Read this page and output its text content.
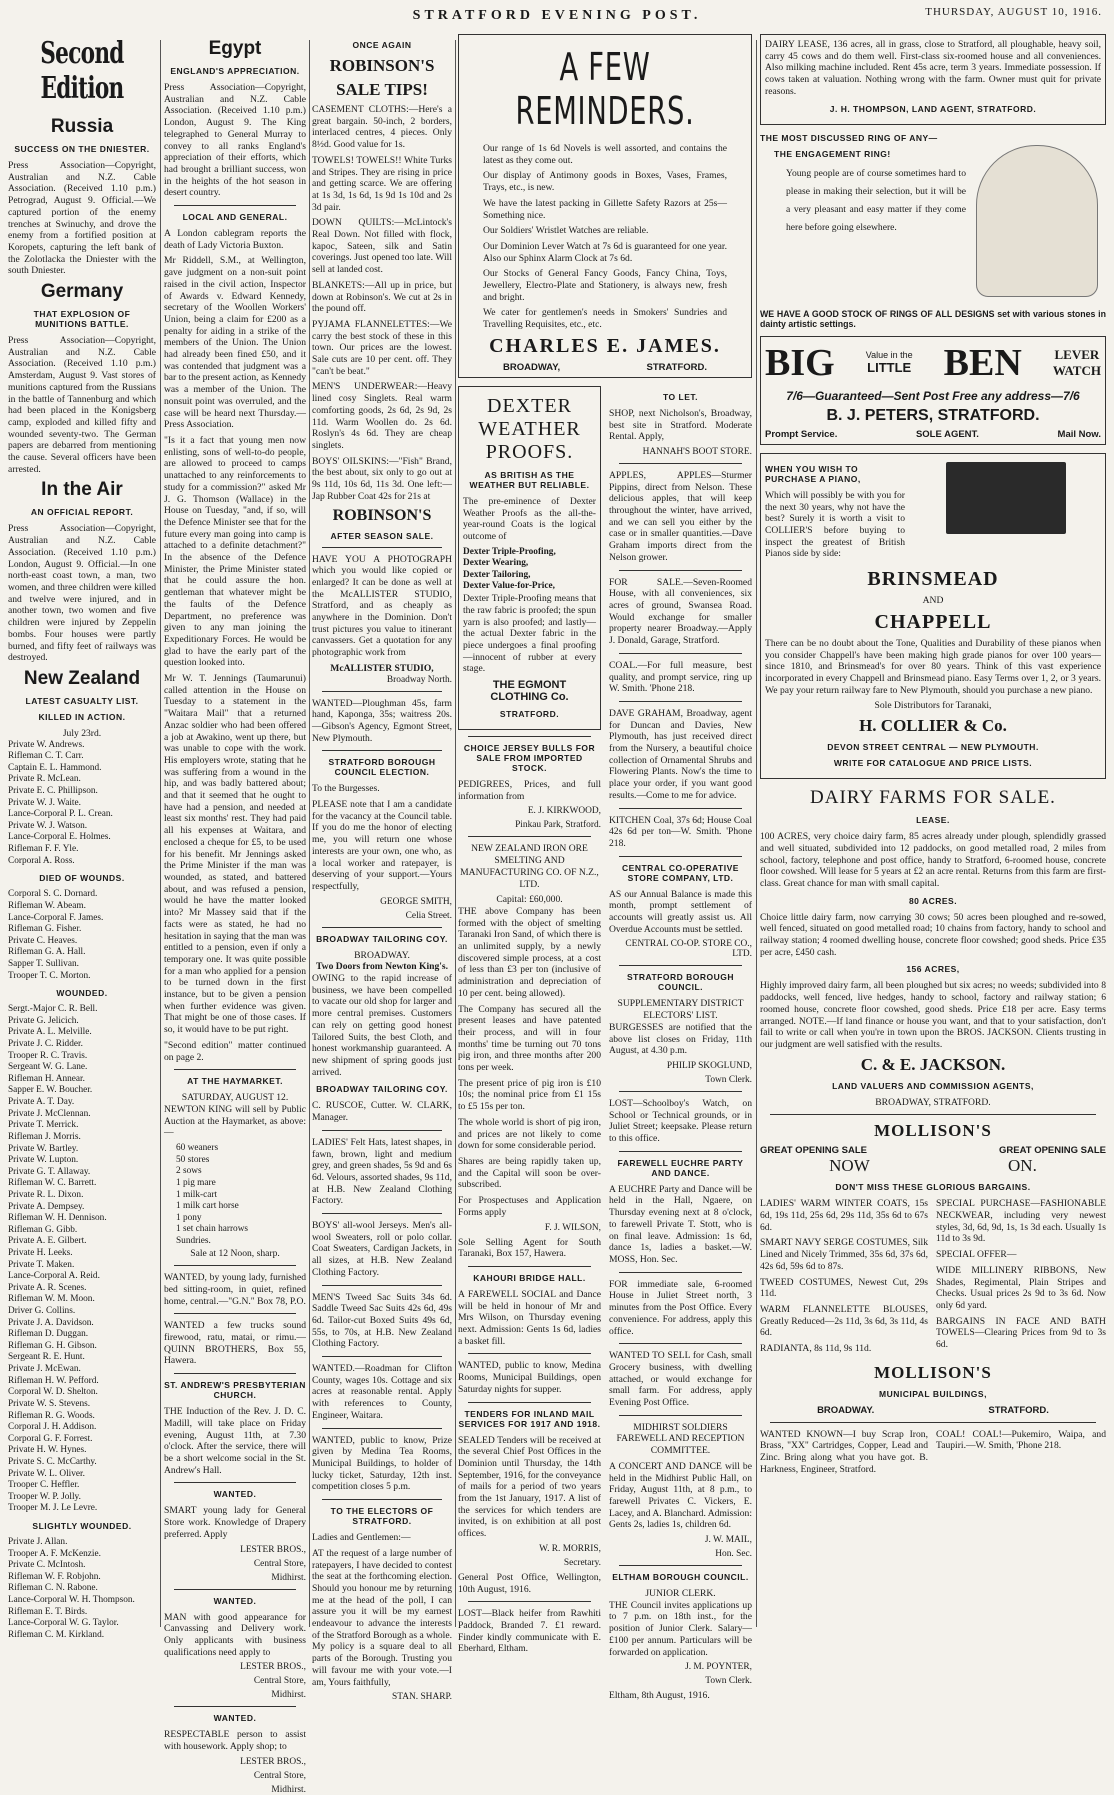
STRATFORD EVENING POST.	THURSDAY, AUGUST 10, 1916.
Second Edition
Russia
SUCCESS ON THE DNIESTER.

Press Association—Copyright, Australian and N.Z. Cable Association. (Received 1.10 p.m.) Petrograd, August 9. Official.—We captured portion of the enemy trenches at Swinuchy, and drove the enemy from a fortified position at Koropets, capturing the left bank of the Zolotlacka the Dniester with the south Dniester.

Germany
THAT EXPLOSION OF MUNITIONS BATTLE.

Press Association—Copyright, Australian and N.Z. Cable Association. (Received 1.10 p.m.) Amsterdam, August 9. Vast stores of munitions captured from the Russians in the battle of Tannenburg and which had been placed in the Konigsberg camp, exploded and killed fifty and wounded seventy-two. The German papers are debarred from mentioning the cause. Several officers have been arrested.

In the Air
AN OFFICIAL REPORT.

Press Association—Copyright, Australian and N.Z. Cable Association. (Received 1.10 p.m.) London, August 9. Official.—In one north-east coast town, a man, two women, and three children were killed and twelve were injured, and in another town, two women and five children were injured by Zeppelin bombs. Four houses were partly burned, and fifty feet of railways was destroyed.

New Zealand
LATEST CASUALTY LIST.
KILLED IN ACTION.
July 23rd.
Private W. Andrews.
Rifleman C. T. Carr.
Captain E. L. Hammond.
Private R. McLean.
Private E. C. Phillipson.
Private W. J. Waite.
Lance-Corporal P. L. Crean.
Private W. J. Watson.
Lance-Corporal E. Holmes.
Rifleman F. F. Yle.
Corporal A. Ross.
DIED OF WOUNDS.
Corporal S. C. Dornard.
Rifleman W. Abeam.
Lance-Corporal F. James.
Rifleman G. Fisher.
Private C. Heaves.
Rifleman G. A. Hall.
Sapper T. Sullivan.
Trooper T. C. Morton.
WOUNDED.
Sergt.-Major C. R. Bell.
Private G. Jelicich.
Private A. L. Melville.
Private J. C. Ridder.
Trooper R. C. Travis.
Sergeant W. G. Lane.
Rifleman H. Annear.
Sapper E. W. Boucher.
Private A. T. Day.
Private J. McClennan.
Private T. Merrick.
Rifleman J. Morris.
Private W. Bartley.
Private W. Lupton.
Private G. T. Allaway.
Rifleman W. C. Barrett.
Private R. L. Dixon.
Private A. Dempsey.
Rifleman W. H. Dennison.
Rifleman G. Gibb.
Private A. E. Gilbert.
Private H. Leeks.
Private T. Maken.
Lance-Corporal A. Reid.
Private A. R. Scenes.
Rifleman W. M. Moon.
Driver G. Collins.
Private J. A. Davidson.
Rifleman D. Duggan.
Rifleman G. H. Gibson.
Sergeant R. E. Hunt.
Private J. McEwan.
Rifleman H. W. Pefford.
Corporal W. D. Shelton.
Private W. S. Stevens.
Rifleman R. G. Woods.
Corporal J. H. Addison.
Corporal G. F. Forrest.
Private H. W. Hynes.
Private S. C. McCarthy.
Private W. L. Oliver.
Trooper C. Heffler.
Trooper W. P. Jolly.
Trooper M. J. Le Levre.
SLIGHTLY WOUNDED.
Private J. Allan.
Trooper A. F. McKenzie.
Private C. McIntosh.
Rifleman W. F. Robjohn.
Rifleman C. N. Rabone.
Lance-Corporal W. H. Thompson.
Rifleman E. T. Birds.
Lance-Corporal W. G. Taylor.
Rifleman C. M. Kirkland.
Egypt
ENGLAND'S APPRECIATION.

Press Association—Copyright, Australian and N.Z. Cable Association. (Received 1.10 p.m.) London, August 9. The King telegraphed to General Murray to convey to all ranks England's appreciation of their efforts, which had brought a brilliant success, won in the heights of the hot season in desert country.

LOCAL AND GENERAL.

A London cablegram reports the death of Lady Victoria Buxton.

Mr Riddell, S.M., at Wellington, gave judgment on a non-suit point raised in the civil action, Inspector of Awards v. Edward Kennedy, secretary of the Woollen Workers' Union, being a claim for £200 as a penalty for aiding in a strike of the members of the Union. The Union had already been fined £50, and it was contended that judgment was a bar to the present action, as Kennedy was a member of the Union. The nonsuit point was overruled, and the case will be heard next Thursday.—Press Association.

"Is it a fact that young men now enlisting, sons of well-to-do people, are allowed to proceed to camps unattached to any reinforcements to study for a commission?" asked Mr J. G. Thomson (Wallace) in the House on Tuesday, "and, if so, will the Defence Minister see that for the future every man going into camp is attached to a definite detachment?" In the absence of the Defence Minister, the Prime Minister stated that he could assure the hon. gentleman that whatever might be the faults of the Defence Department, no preference was given to any man joining the Expeditionary Forces. He would be glad to have the early part of the question looked into.

Mr W. T. Jennings (Taumarunui) called attention in the House on Tuesday to a statement in the "Waitara Mail" that a returned Anzac soldier who had been offered a job at Awakino, went up there, but was unable to cope with the work. His employers wrote, stating that he was suffering from a wound in the hip, and was badly battered about; and that it seemed that he ought to have had a pension, and needed at least six months' rest. They had paid all his expenses at Waitara, and enclosed a cheque for £5, to be used for his benefit. Mr Jennings asked the Prime Minister if the man was wounded, as stated, and battered about, and was refused a pension, would he have the matter looked into? Mr Massey said that if the facts were as stated, he had no hesitation in saying that the man was entitled to a pension, even if only a temporary one. It was quite possible for a man who applied for a pension to be turned down in the first instance, but to be given a pension when further evidence was given. That might be one of those cases. If so, it would have to be put right.

"Second edition" matter continued on page 2.

AT THE HAYMARKET.
SATURDAY, AUGUST 12.

NEWTON KING will sell by Public Auction at the Haymarket, as above:—

60 weaners
50 stores
2 sows
1 pig mare
1 milk-cart
1 milk cart horse
1 pony
1 set chain harrows
Sundries.
Sale at 12 Noon, sharp.

WANTED, by young lady, furnished bed sitting-room, in quiet, refined home, central.—"G.N." Box 78, P.O.

WANTED a few trucks sound firewood, ratu, matai, or rimu.—QUINN BROTHERS, Box 55, Hawera.

ST. ANDREW'S PRESBYTERIAN CHURCH.

THE Induction of the Rev. J. D. C. Madill, will take place on Friday evening, August 11th, at 7.30 o'clock. After the service, there will be a short welcome social in the St. Andrew's Hall.

WANTED.

SMART young lady for General Store work. Knowledge of Drapery preferred. Apply

LESTER BROS.,
Central Store,
Midhirst.
WANTED.

MAN with good appearance for Canvassing and Delivery work. Only applicants with business qualifications need apply to

LESTER BROS.,
Central Store,
Midhirst.
WANTED.

RESPECTABLE person to assist with housework. Apply shop; to

LESTER BROS.,
Central Store,
Midhirst.
ONCE AGAIN
ROBINSON'S
SALE TIPS!

CASEMENT CLOTHS:—Here's a great bargain. 50-inch, 2 borders, interlaced centres, 4 pieces. Only 8½d. Good value for 1s.

TOWELS! TOWELS!! White Turks and Stripes. They are rising in price and getting scarce. We are offering at 1s 3d, 1s 6d, 1s 9d 1s 10d and 2s 3d pair.

DOWN QUILTS:—McLintock's Real Down. Not filled with flock, kapoc, Sateen, silk and Satin coverings. Just opened too late. Will sell at landed cost.

BLANKETS:—All up in price, but down at Robinson's. We cut at 2s in the pound off.

PYJAMA FLANNELETTES:—We carry the best stock of these in this town. Our prices are the lowest. Sale cuts are 10 per cent. off. They "can't be beat."

MEN'S UNDERWEAR:—Heavy lined cosy Singlets. Real warm comforting goods, 2s 6d, 2s 9d, 2s 11d. Warm Woollen do. 2s 6d. Roslyn's 4s 6d. They are cheap singlets.

BOYS' OILSKINS:—"Fish" Brand, the best about, six only to go out at 9s 11d, 10s 6d, 11s 3d. One left:—Jap Rubber Coat 42s for 21s at

ROBINSON'S
AFTER SEASON SALE.

HAVE YOU A PHOTOGRAPH which you would like copied or enlarged? It can be done as well at the McALLISTER STUDIO, Stratford, and as cheaply as anywhere in the Dominion. Don't trust pictures you value to itinerant canvassers. Get a quotation for any photographic work from

McALLISTER STUDIO,
Broadway North.

WANTED—Ploughman 45s, farm hand, Kaponga, 35s; waitress 20s.—Gibson's Agency, Egmont Street, New Plymouth.

STRATFORD BOROUGH COUNCIL ELECTION.

To the Burgesses.

PLEASE note that I am a candidate for the vacancy at the Council table. If you do me the honor of electing me, you will return one whose interests are your own, one who, as a local worker and ratepayer, is deserving of your support.—Yours respectfully,

GEORGE SMITH,
Celia Street.
BROADWAY TAILORING COY.
BROADWAY.
Two Doors from Newton King's.

OWING to the rapid increase of business, we have been compelled to vacate our old shop for larger and more central premises. Customers can rely on getting good honest Tailored Suits, the best Cloth, and honest workmanship guaranteed. A new shipment of spring goods just arrived.

BROADWAY TAILORING COY.

C. RUSCOE, Cutter. W. CLARK, Manager.

LADIES' Felt Hats, latest shapes, in fawn, brown, light and medium grey, and green shades, 5s 9d and 6s 6d. Velours, assorted shades, 9s 11d, at H.B. New Zealand Clothing Factory.

BOYS' all-wool Jerseys. Men's all-wool Sweaters, roll or polo collar. Coat Sweaters, Cardigan Jackets, in all sizes, at H.B. New Zealand Clothing Factory.

MEN'S Tweed Sac Suits 34s 6d. Saddle Tweed Sac Suits 42s 6d, 49s 6d. Tailor-cut Boxed Suits 49s 6d, 55s, to 70s, at H.B. New Zealand Clothing Factory.

WANTED.—Roadman for Clifton County, wages 10s. Cottage and six acres at reasonable rental. Apply with references to County, Engineer, Waitara.

WANTED, public to know, Prize given by Medina Tea Rooms, Municipal Buildings, to holder of lucky ticket, Saturday, 12th inst. competition closes 5 p.m.

TO THE ELECTORS OF STRATFORD.

Ladies and Gentlemen:—

AT the request of a large number of ratepayers, I have decided to contest the seat at the forthcoming election. Should you honour me by returning me at the head of the poll, I can assure you it will be my earnest endeavour to advance the interests of the Stratford Borough as a whole. My policy is a square deal to all parts of the Borough. Trusting you will favour me with your vote.—I am, Yours faithfully,

STAN. SHARP.
A FEW REMINDERS.

Our range of 1s 6d Novels is well assorted, and contains the latest as they come out.

Our display of Antimony goods in Boxes, Vases, Frames, Trays, etc., is new.

We have the latest packing in Gillette Safety Razors at 25s—Something nice.

Our Soldiers' Wristlet Watches are reliable.

Our Dominion Lever Watch at 7s 6d is guaranteed for one year. Also our Sphinx Alarm Clock at 7s 6d.

Our Stocks of General Fancy Goods, Fancy China, Toys, Jewellery, Electro-Plate and Stationery, is always new, fresh and bright.

We cater for gentlemen's needs in Smokers' Sundries and Travelling Requisites, etc., etc.

CHARLES E. JAMES.
BROADWAY,	STRATFORD.
DEXTER WEATHER PROOFS.
AS BRITISH AS THE WEATHER BUT RELIABLE.

The pre-eminence of Dexter Weather Proofs as the all-the-year-round Coats is the logical outcome of

Dexter Triple-Proofing,
Dexter Wearing,
Dexter Tailoring,
Dexter Value-for-Price,

Dexter Triple-Proofing means that the raw fabric is proofed; the spun yarn is also proofed; and lastly—the actual Dexter fabric in the piece undergoes a final proofing—innocent of rubber at every stage.

THE EGMONT CLOTHING Co.
STRATFORD.
CHOICE JERSEY BULLS FOR SALE FROM IMPORTED STOCK.

PEDIGREES, Prices, and full information from

E. J. KIRKWOOD,
Pinkau Park, Stratford.

NEW ZEALAND IRON ORE SMELTING AND MANUFACTURING CO. OF N.Z., LTD.

Capital: £60,000.

THE above Company has been formed with the object of smelting Taranaki Iron Sand, of which there is an unlimited supply, by a newly discovered simple process, at a cost of less than £3 per ton (inclusive of administration and depreciation of 10 per cent. being allowed).

The Company has secured all the present leases and have patented their process, and will in four months' time be turning out 70 tons pig iron, and three months after 200 tons per week.

The present price of pig iron is £10 10s; the nominal price from £1 15s to £5 15s per ton.

The whole world is short of pig iron, and prices are not likely to come down for some considerable period.

Shares are being rapidly taken up, and the Capital will soon be over-subscribed.

For Prospectuses and Application Forms apply

F. J. WILSON,

Sole Selling Agent for South Taranaki, Box 157, Hawera.

KAHOURI BRIDGE HALL.

A FAREWELL SOCIAL and Dance will be held in honour of Mr and Mrs Wilson, on Thursday evening next. Admission: Gents 1s 6d, ladies a basket fill.

WANTED, public to know, Medina Rooms, Municipal Buildings, open Saturday nights for supper.

TENDERS FOR INLAND MAIL SERVICES FOR 1917 AND 1918.

SEALED Tenders will be received at the several Chief Post Offices in the Dominion until Thursday, the 14th September, 1916, for the conveyance of mails for a period of two years from the 1st January, 1917. A list of the services for which tenders are invited, is on exhibition at all post offices.

W. R. MORRIS,
Secretary.

General Post Office, Wellington, 10th August, 1916.

LOST—Black heifer from Rawhiti Paddock, Branded 7. £1 reward. Finder kindly communicate with E. Eberhard, Eltham.

TO LET.

SHOP, next Nicholson's, Broadway, best site in Stratford. Moderate Rental. Apply,

HANNAH'S BOOT STORE.

APPLES, APPLES—Sturmer Pippins, direct from Nelson. These delicious apples, that will keep throughout the winter, have arrived, and we can sell you either by the case or in smaller quantities.—Dave Graham imports direct from the Nelson grower.

FOR SALE.—Seven-Roomed House, with all conveniences, six acres of ground, Swansea Road. Would exchange for smaller property nearer Broadway.—Apply J. Donald, Garage, Stratford.

COAL.—For full measure, best quality, and prompt service, ring up W. Smith. 'Phone 218.

DAVE GRAHAM, Broadway, agent for Duncan and Davies, New Plymouth, has just received direct from the Nursery, a beautiful choice collection of Ornamental Shrubs and Flowering Plants. Now's the time to place your order, if you want good results.—Come to me for advice.

KITCHEN Coal, 37s 6d; House Coal 42s 6d per ton—W. Smith. 'Phone 218.

CENTRAL CO-OPERATIVE STORE COMPANY, LTD.

AS our Annual Balance is made this month, prompt settlement of accounts will greatly assist us. All Overdue Accounts must be settled.

CENTRAL CO-OP. STORE CO., LTD.
STRATFORD BOROUGH COUNCIL.
SUPPLEMENTARY DISTRICT ELECTORS' LIST.

BURGESSES are notified that the above list closes on Friday, 11th August, at 4.30 p.m.

PHILIP SKOGLUND,
Town Clerk.

LOST—Schoolboy's Watch, on School or Technical grounds, or in Juliet Street; keepsake. Please return to this office.

FAREWELL EUCHRE PARTY AND DANCE.

A EUCHRE Party and Dance will be held in the Hall, Ngaere, on Thursday evening next at 8 o'clock, to farewell Private T. Stott, who is on final leave. Admission: 1s 6d, dance 1s, ladies a basket.—W. MOSS, Hon. Sec.

FOR immediate sale, 6-roomed House in Juliet Street north, 3 minutes from the Post Office. Every convenience. For address, apply this office.

WANTED TO SELL for Cash, small Grocery business, with dwelling attached, or would exchange for small farm. For address, apply Evening Post Office.

MIDHIRST SOLDIERS FAREWELL AND RECEPTION COMMITTEE.

A CONCERT AND DANCE will be held in the Midhirst Public Hall, on Friday, August 11th, at 8 p.m., to farewell Privates C. Vickers, E. Lacey, and A. Blanchard. Admission: Gents 2s, ladies 1s, children 6d.

J. W. MAIL,
Hon. Sec.
ELTHAM BOROUGH COUNCIL.
JUNIOR CLERK.

THE Council invites applications up to 7 p.m. on 18th inst., for the position of Junior Clerk. Salary—£100 per annum. Particulars will be forwarded on application.

J. M. POYNTER,
Town Clerk.

Eltham, 8th August, 1916.

DAIRY LEASE, 136 acres, all in grass, close to Stratford, all ploughable, heavy soil, carry 45 cows and do them well. First-class six-roomed house and all conveniences. Also milking machine included. Rent 45s acre, term 3 years. Immediate possession. If cows taken at valuation. Nothing wrong with the farm. Owner must quit for private reasons.

J. H. THOMPSON, LAND AGENT, STRATFORD.
THE MOST DISCUSSED RING OF ANY—
THE ENGAGEMENT RING!

Young people are of course sometimes hard to please in making their selection, but it will be a very pleasant and easy matter if they come here before going elsewhere.

WE HAVE A GOOD STOCK OF RINGS OF ALL DESIGNS set with various stones in dainty artistic settings.

BIG	Value in the
LITTLE BEN	LEVER
WATCH
7/6—Guaranteed—Sent Post Free any address—7/6
B. J. PETERS, STRATFORD.
Prompt Service.	SOLE AGENT.	Mail Now.
WHEN YOU WISH TO PURCHASE A PIANO,

Which will possibly be with you for the next 30 years, why not have the best? Surely it is worth a visit to COLLIER'S before buying to inspect the greatest of British Pianos side by side:

BRINSMEAD
AND
CHAPPELL

There can be no doubt about the Tone, Qualities and Durability of these pianos when you consider Chappell's have been making high grade pianos for over 100 years—since 1810, and Brinsmead's for over 80 years. Think of this vast experience incorporated in every Chappell and Brinsmead piano. Easy Terms over 1, 2, or 3 years. We pay your return railway fare to New Plymouth, should you purchase a new piano.

Sole Distributors for Taranaki,
H. COLLIER & Co.
DEVON STREET CENTRAL — NEW PLYMOUTH.
WRITE FOR CATALOGUE AND PRICE LISTS.
DAIRY FARMS FOR SALE.
LEASE.

100 ACRES, very choice dairy farm, 85 acres already under plough, splendidly grassed and well situated, subdivided into 12 paddocks, on good metalled road, 2 miles from school, factory, telephone and post office, handy to Stratford, 6-roomed house, concrete floor cowshed. Will lease for 5 years at £2 an acre rental. Returns from this farm are first-class. Great chance for man with small capital.

80 ACRES.

Choice little dairy farm, now carrying 30 cows; 50 acres been ploughed and re-sowed, well fenced, situated on good metalled road; 10 chains from factory, handy to school and railway station; 4 roomed dwelling house, concrete floor cowshed; good sheds. Price £35 per acre, £450 cash.

156 ACRES,

Highly improved dairy farm, all been ploughed but six acres; no weeds; subdivided into 8 paddocks, well fenced, live hedges, handy to school, factory and railway station; 6 roomed house, concrete floor cowshed, good sheds. Price £18 per acre. Easy terms arranged. NOTE.—If land finance or house you want, and that to your satisfaction, don't fail to write or call when you're in town upon the BROS. JACKSON. Clients trusting in our judgment are well satisfied with the results.

C. & E. JACKSON.
LAND VALUERS AND COMMISSION AGENTS,
BROADWAY, STRATFORD.
MOLLISON'S
GREAT OPENING SALE	GREAT OPENING SALE
NOW	ON.
DON'T MISS THESE GLORIOUS BARGAINS.

LADIES' WARM WINTER COATS, 15s 6d, 19s 11d, 25s 6d, 29s 11d, 35s 6d to 67s 6d.

SMART NAVY SERGE COSTUMES, Silk Lined and Nicely Trimmed, 35s 6d, 37s 6d, 42s 6d, 59s 6d to 87s.

TWEED COSTUMES, Newest Cut, 29s 11d.

WARM FLANNELETTE BLOUSES, Greatly Reduced—2s 11d, 3s 6d, 3s 11d, 4s 6d.

RADIANTA, 8s 11d, 9s 11d.

SPECIAL PURCHASE—FASHIONABLE NECKWEAR, including very newest styles, 3d, 6d, 9d, 1s, 1s 3d each. Usually 1s 11d to 3s 9d.

SPECIAL OFFER—

WIDE MILLINERY RIBBONS, New Shades, Regimental, Plain Stripes and Checks. Usual prices 2s 9d to 3s 6d. Now only 6d yard.

BARGAINS IN FACE AND BATH TOWELS—Clearing Prices from 9d to 3s 6d.

MOLLISON'S
MUNICIPAL BUILDINGS,
BROADWAY.	STRATFORD.

WANTED KNOWN—I buy Scrap Iron, Brass, "XX" Cartridges, Copper, Lead and Zinc. Bring along what you have got. B. Harkness, Engineer, Stratford.

COAL! COAL!—Pukemiro, Waipa, and Taupiri.—W. Smith, 'Phone 218.
